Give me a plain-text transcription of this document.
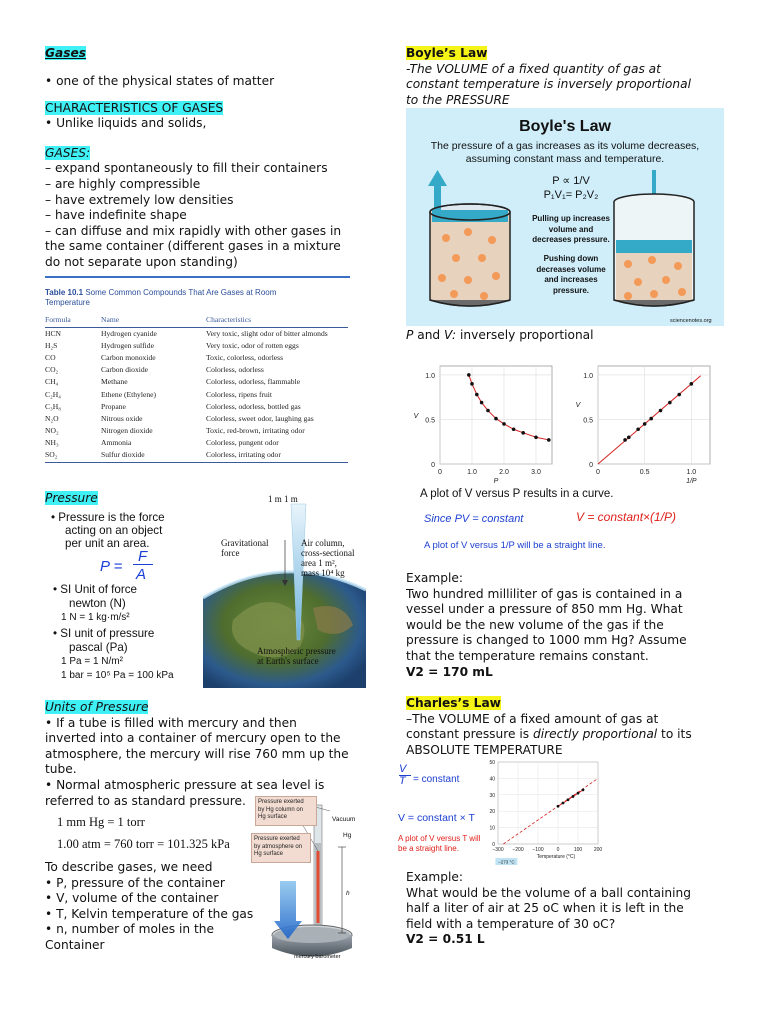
Gases
• one of the physical states of matter
CHARACTERISTICS OF GASES
• Unlike liquids and solids,
GASES:
– expand spontaneously to fill their containers
– are highly compressible
– have extremely low densities
– have indefinite shape
– can diffuse and mix rapidly with other gases in
the same container (different gases in a mixture
do not separate upon standing)
Table 10.1 Some Common Compounds That Are Gases at Room
Temperature
Formula	Name	Characteristics
HCN	Hydrogen cyanide	Very toxic, slight odor of bitter almonds
H₂S	Hydrogen sulfide	Very toxic, odor of rotten eggs
CO	Carbon monoxide	Toxic, colorless, odorless
CO₂	Carbon dioxide	Colorless, odorless
CH₄	Methane	Colorless, odorless, flammable
C₂H₄	Ethene (Ethylene)	Colorless, ripens fruit
C₃H₈	Propane	Colorless, odorless, bottled gas
N₂O	Nitrous oxide	Colorless, sweet odor, laughing gas
NO₂	Nitrogen dioxide	Toxic, red-brown, irritating odor
NH₃	Ammonia	Colorless, pungent odor
SO₂	Sulfur dioxide	Colorless, irritating odor
Pressure
• Pressure is the force
acting on an object
per unit an area.
P =
F
A
• SI Unit of force
newton (N)
1 N = 1 kg·m/s²
• SI unit of pressure
pascal (Pa)
1 Pa = 1 N/m²
1 bar = 10⁵ Pa = 100 kPa
1 m 1 m
Gravitational
force
Air column,
cross-sectional
area 1 m²,
mass 10⁴ kg
Atmospheric pressure
at Earth's surface
Units of Pressure
• If a tube is filled with mercury and then
inverted into a container of mercury open to the
atmosphere, the mercury will rise 760 mm up the
tube.
• Normal atmospheric pressure at sea level is
referred to as standard pressure.
1 mm Hg = 1 torr
1.00 atm = 760 torr = 101.325 kPa
To describe gases, we need
• P, pressure of the container
• V, volume of the container
• T, Kelvin temperature of the gas
• n, number of moles in the
Container
Pressure exerted
by Hg column on
Hg surface
Pressure exerted
by atmosphere on
Hg surface
Vacuum
Hg
h
mercury barometer
Boyle’s Law
-The VOLUME of a fixed quantity of gas at
constant temperature is inversely proportional
to the PRESSURE
Boyle's Law
The pressure of a gas increases as its volume decreases,
assuming constant mass and temperature.
P ∝ 1/V
P₁V₁= P₂V₂
Pulling up increases
volume and
decreases pressure.
Pushing down
decreases volume
and increases
pressure.
sciencenotes.org
P and V: inversely proportional
1.0
0.5
0
0	1.0	2.0	3.0
V
P
1.0
0.5
0
0	0.5	1.0
V
1/P
A plot of V versus P results in a curve.
Since PV = constant	V = constant×(1/P)
A plot of V versus 1/P will be a straight line.
Example:
Two hundred milliliter of gas is contained in a
vessel under a pressure of 850 mm Hg. What
would be the new volume of the gas if the
pressure is changed to 1000 mm Hg? Assume
that the temperature remains constant.
V2 = 170 mL
Charles’s Law
–The VOLUME of a fixed amount of gas at
constant pressure is directly proportional to its
ABSOLUTE TEMPERATURE
V
T = constant
V = constant × T
A plot of V versus T will
be a straight line.
50
40
30
20
10
0
−300 −200 −100	0	100 200
Temperature (°C)
−273 °C
Example:
What would be the volume of a ball containing
half a liter of air at 25 oC when it is left in the
field with a temperature of 30 oC?
V2 = 0.51 L
